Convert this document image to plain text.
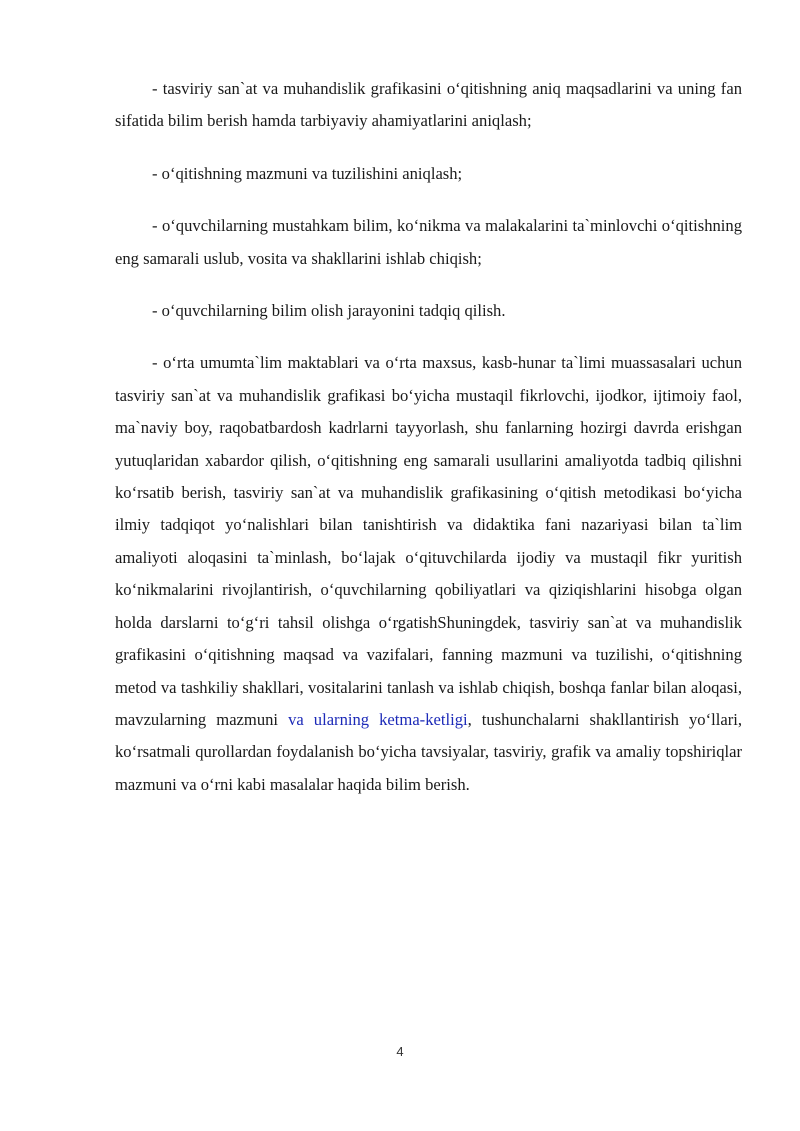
- tasviriy san`at va muhandislik grafikasini oʻqitishning aniq maqsadlarini va uning fan sifatida bilim berish hamda tarbiyaviy ahamiyatlarini aniqlash;

- oʻqitishning mazmuni va tuzilishini aniqlash;

- oʻquvchilarning mustahkam bilim, koʻnikma va malakalarini ta`minlovchi oʻqitishning eng samarali uslub, vosita va shakllarini ishlab chiqish;

- oʻquvchilarning bilim olish jarayonini tadqiq qilish.

- oʻrta umumta`lim maktablari va oʻrta maxsus, kasb-hunar ta`limi muassasalari uchun tasviriy san`at va muhandislik grafikasi boʻyicha mustaqil fikrlovchi, ijodkor, ijtimoiy faol, ma`naviy boy, raqobatbardosh kadrlarni tayyorlash, shu fanlarning hozirgi davrda erishgan yutuqlaridan xabardor qilish, oʻqitishning eng samarali usullarini amaliyotda tadbiq qilishni koʻrsatib berish, tasviriy san`at va muhandislik grafikasining oʻqitish metodikasi boʻyicha ilmiy tadqiqot yoʻnalishlari bilan tanishtirish va didaktika fani nazariyasi bilan ta`lim amaliyoti aloqasini ta`minlash, boʻlajak oʻqituvchilarda ijodiy va mustaqil fikr yuritish koʻnikmalarini rivojlantirish, oʻquvchilarning qobiliyatlari va qiziqishlarini hisobga olgan holda darslarni toʻgʻri tahsil olishga oʻrgatishShuningdek, tasviriy san`at va muhandislik grafikasini oʻqitishning maqsad va vazifalari, fanning mazmuni va tuzilishi, oʻqitishning metod va tashkiliy shakllari, vositalarini tanlash va ishlab chiqish, boshqa fanlar bilan aloqasi, mavzularning mazmuni va ularning ketma-ketligi, tushunchalarni shakllantirish yoʻllari, koʻrsatmali qurollardan foydalanish boʻyicha tavsiyalar, tasviriy, grafik va amaliy topshiriqlar mazmuni va oʻrni kabi masalalar haqida bilim berish.

4
